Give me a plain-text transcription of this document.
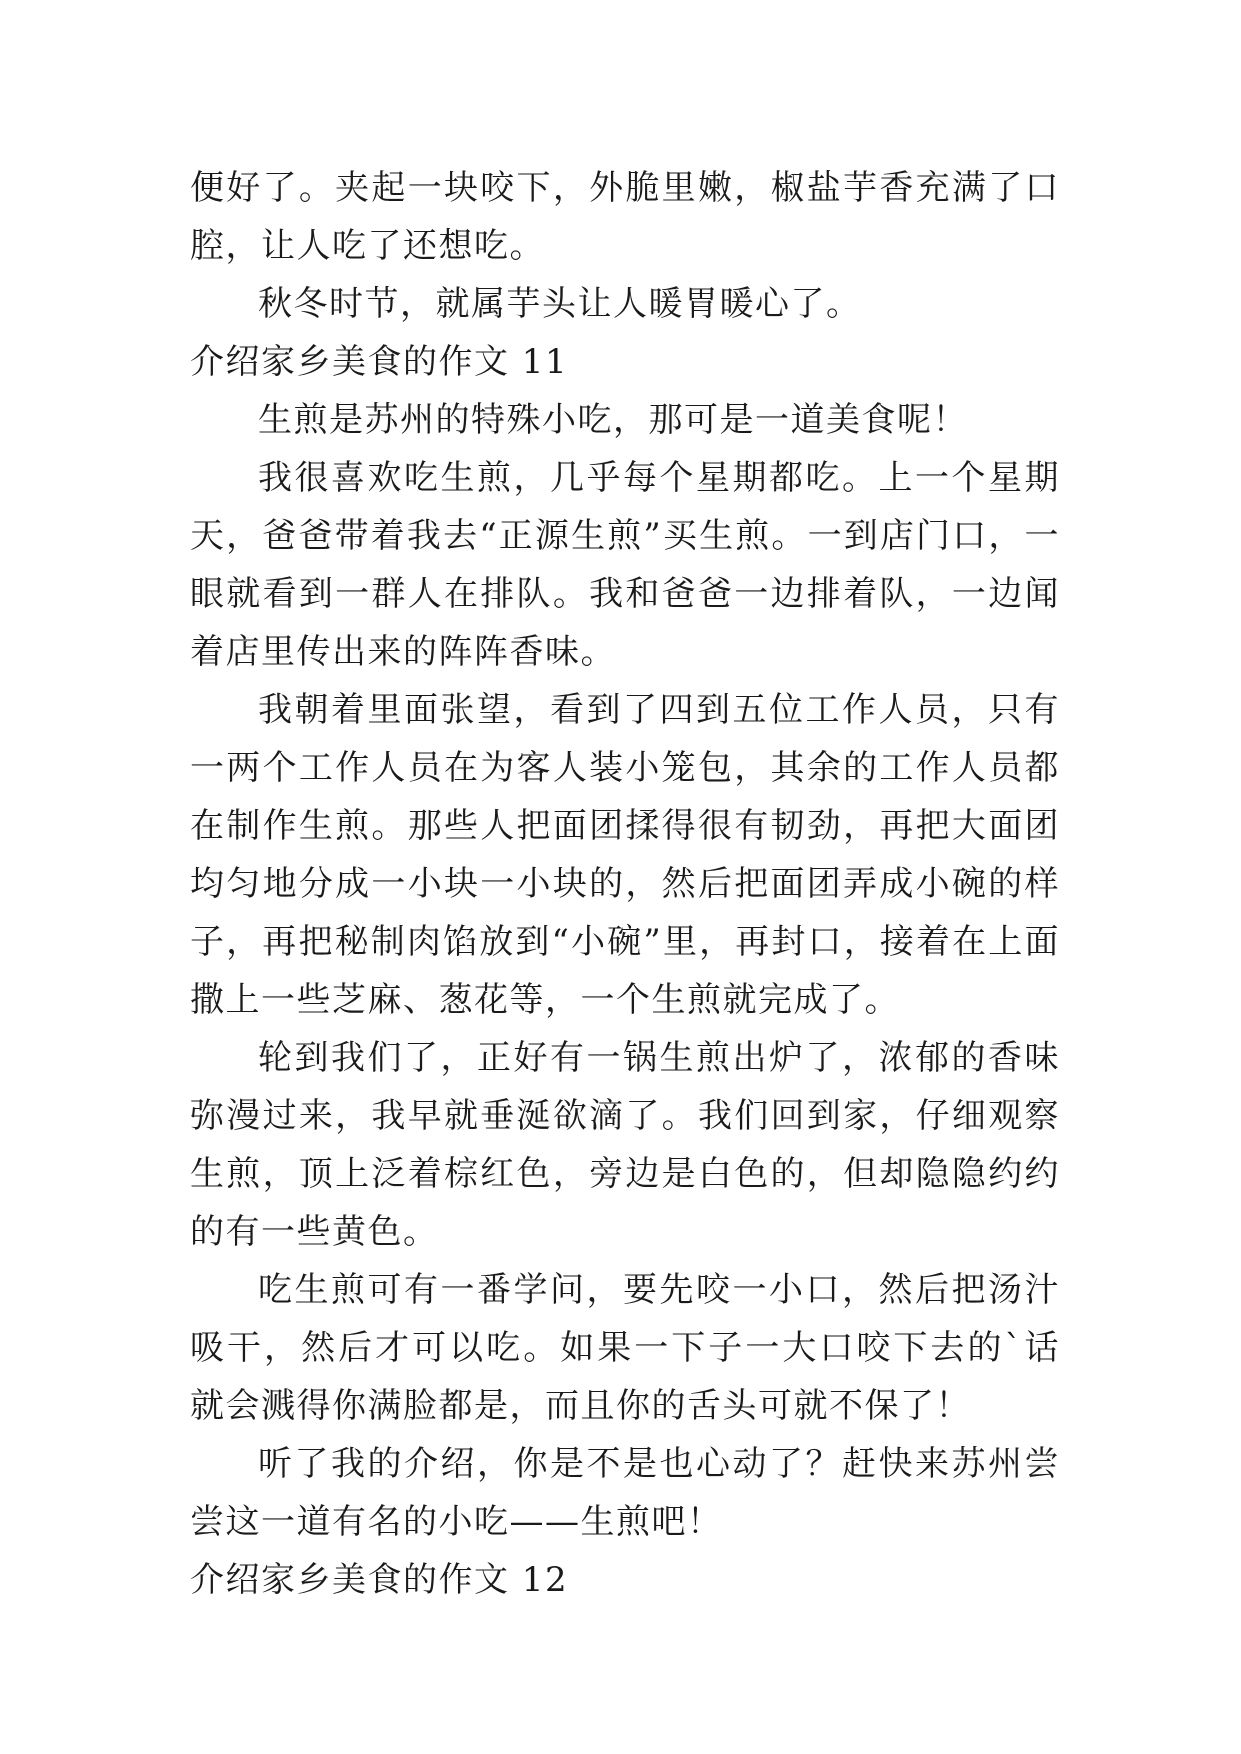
便好了。夹起一块咬下，外脆里嫩，椒盐芋香充满了口腔，让人吃了还想吃。

秋冬时节，就属芋头让人暖胃暖心了。

介绍家乡美食的作文 11

生煎是苏州的特殊小吃，那可是一道美食呢！

我很喜欢吃生煎，几乎每个星期都吃。上一个星期天，爸爸带着我去“正源生煎”买生煎。一到店门口，一眼就看到一群人在排队。我和爸爸一边排着队，一边闻着店里传出来的阵阵香味。

我朝着里面张望，看到了四到五位工作人员，只有一两个工作人员在为客人装小笼包，其余的工作人员都在制作生煎。那些人把面团揉得很有韧劲，再把大面团均匀地分成一小块一小块的，然后把面团弄成小碗的样子，再把秘制肉馅放到“小碗”里，再封口，接着在上面撒上一些芝麻、葱花等，一个生煎就完成了。

轮到我们了，正好有一锅生煎出炉了，浓郁的香味弥漫过来，我早就垂涎欲滴了。我们回到家，仔细观察生煎，顶上泛着棕红色，旁边是白色的，但却隐隐约约的有一些黄色。

吃生煎可有一番学问，要先咬一小口，然后把汤汁吸干，然后才可以吃。如果一下子一大口咬下去的`话就会溅得你满脸都是，而且你的舌头可就不保了！

听了我的介绍，你是不是也心动了？赶快来苏州尝尝这一道有名的小吃——生煎吧！

介绍家乡美食的作文 12
